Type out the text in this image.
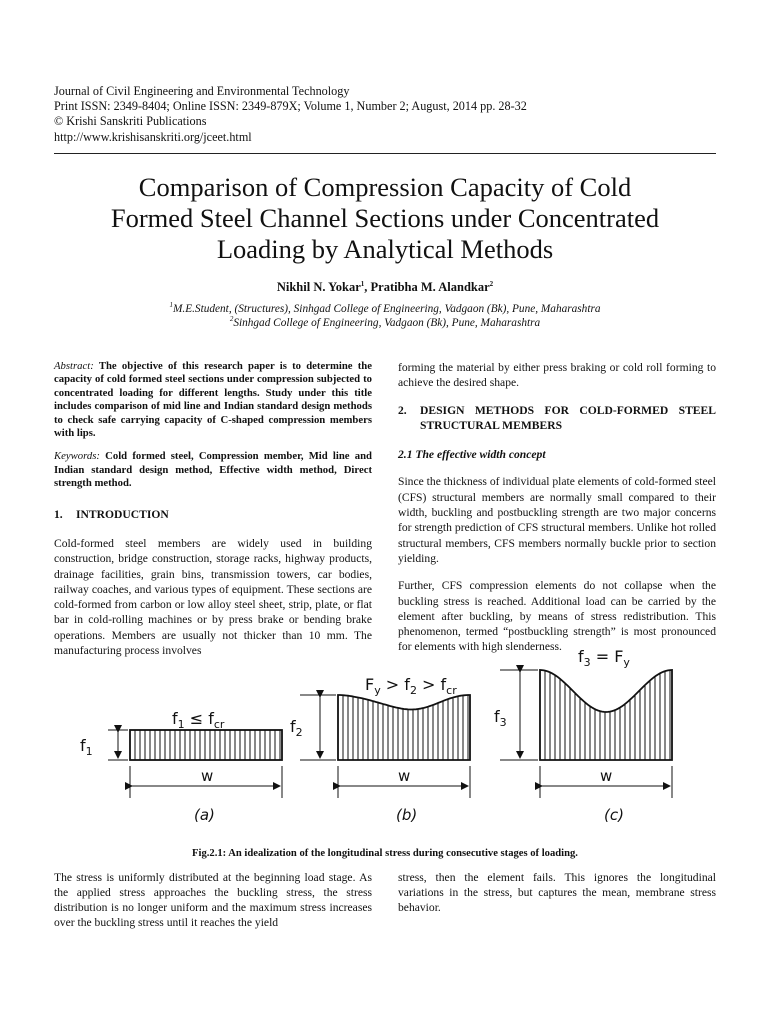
Journal of Civil Engineering and Environmental Technology
Print ISSN: 2349-8404; Online ISSN: 2349-879X; Volume 1, Number 2; August, 2014 pp. 28-32
© Krishi Sanskriti Publications
http://www.krishisanskriti.org/jceet.html
Comparison of Compression Capacity of Cold
Formed Steel Channel Sections under Concentrated
Loading by Analytical Methods
Nikhil N. Yokar$^1$, Pratibha M. Alandkar$^2$
$^1$M.E.Student, (Structures), Sinhgad College of Engineering, Vadgaon (Bk), Pune, Maharashtra
$^2$Sinhgad College of Engineering, Vadgaon (Bk), Pune, Maharashtra
Abstract: The objective of this research paper is to determine the capacity of cold formed steel sections under compression subjected to concentrated loading for different lengths. Study under this title includes comparison of mid line and Indian standard design methods to check safe carrying capacity of C-shaped compression members with lips.
Keywords: Cold formed steel, Compression member, Mid line and Indian standard design method, Effective width method, Direct strength method.
1.	INTRODUCTION

Cold-formed steel members are widely used in building construction, bridge construction, storage racks, highway products, drainage facilities, grain bins, transmission towers, car bodies, railway coaches, and various types of equipment. These sections are cold-formed from carbon or low alloy steel sheet, strip, plate, or flat bar in cold-rolling machines or by press brake or bending brake operations. Members are usually not thicker than 10 mm. The manufacturing process involves

forming the material by either press braking or cold roll forming to achieve the desired shape.

2.	DESIGN METHODS FOR COLD-FORMED STEEL STRUCTURAL MEMBERS
2.1 The effective width concept

Since the thickness of individual plate elements of cold-formed steel (CFS) structural members are normally small compared to their width, buckling and postbuckling strength are two major concerns for strength prediction of CFS structural members. Unlike hot rolled structural members, CFS members normally buckle prior to section yielding.

Further, CFS compression elements do not collapse when the buckling stress is reached. Additional load can be carried by the element after buckling, by means of stress redistribution. This phenomenon, termed “postbuckling strength” is most pronounced for elements with high slenderness.

$f_1$
$f_1 \le f_{cr}$
w
(a)
$f_2$
$F_y > f_2 > f_{cr}$
w
(b)
$f_3$
$f_3 = F_y$
w
(c)
Fig.2.1: An idealization of the longitudinal stress during consecutive stages of loading.
The stress is uniformly distributed at the beginning load stage. As the applied stress approaches the buckling stress, the stress distribution is no longer uniform and the maximum stress increases over the buckling stress until it reaches the yield
stress, then the element fails. This ignores the longitudinal variations in the stress, but captures the mean, membrane stress behavior.
